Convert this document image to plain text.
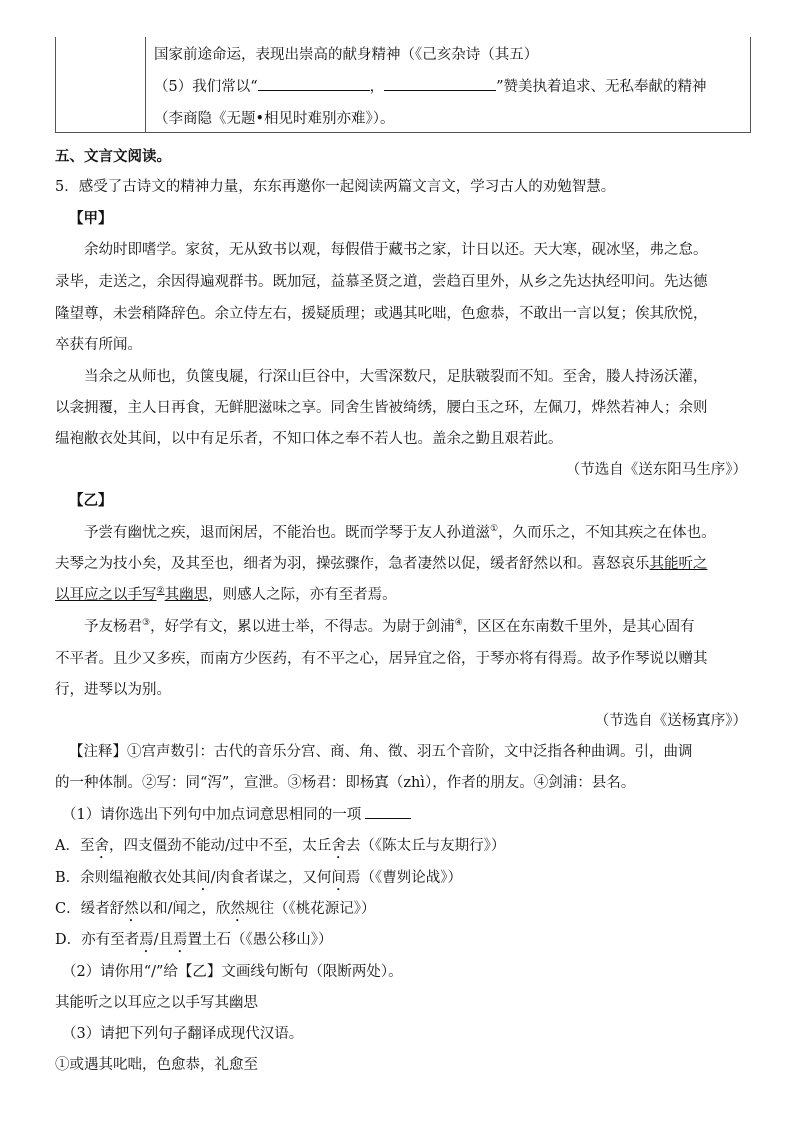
国家前途命运，表现出崇高的献身精神（《己亥杂诗（其五）
（5）我们常以“	，	”赞美执着追求、无私奉献的精神
（李商隐《无题•相见时难别亦难》）。
五、文言文阅读。
5．感受了古诗文的精神力量，东东再邀你一起阅读两篇文言文，学习古人的劝勉智慧。
【甲】
余幼时即嗜学。家贫，无从致书以观，每假借于藏书之家，计日以还。天大寒，砚冰坚，弗之怠。
录毕，走送之，余因得遍观群书。既加冠，益慕圣贤之道，尝趋百里外，从乡之先达执经叩问。先达德
隆望尊，未尝稍降辞色。余立侍左右，援疑质理；或遇其叱咄，色愈恭，不敢出一言以复；俟其欣悦，
卒获有所闻。
当余之从师也，负箧曳屣，行深山巨谷中，大雪深数尺，足肤皲裂而不知。至舍，媵人持汤沃灌，
以衾拥覆，主人日再食，无鲜肥滋味之享。同舍生皆被绮绣，腰白玉之环，左佩刀，烨然若神人；余则
缊袍敝衣处其间，以中有足乐者，不知口体之奉不若人也。盖余之勤且艰若此。
（节选自《送东阳马生序》）
【乙】
予尝有幽忧之疾，退而闲居，不能治也。既而学琴于友人孙道滋①，久而乐之，不知其疾之在体也。
夫琴之为技小矣，及其至也，细者为羽，操弦骤作，急者凄然以促，缓者舒然以和。喜怒哀乐其能听之
以耳应之以手写②其幽思，则感人之际，亦有至者焉。
予友杨君③，好学有文，累以进士举，不得志。为尉于剑浦④，区区在东南数千里外，是其心固有
不平者。且少又多疾，而南方少医药，有不平之心，居异宜之俗，于琴亦将有得焉。故予作琴说以赠其
行，进琴以为别。
（节选自《送杨寘序》）
【注释】①宫声数引：古代的音乐分宫、商、角、徵、羽五个音阶，文中泛指各种曲调。引，曲调
的一种体制。②写：同“泻”，宣泄。③杨君：即杨寘（zhì），作者的朋友。④剑浦：县名。
（1）请你选出下列句中加点词意思相同的一项
A．至舍，四支僵劲不能动/过中不至，太丘舍去（《陈太丘与友期行》）
B．余则缊袍敝衣处其间/肉食者谋之，又何间焉（《曹刿论战》）
C．缓者舒然以和/闻之，欣然规往（《桃花源记》）
D．亦有至者焉/且焉置土石（《愚公移山》）
（2）请你用“/”给【乙】文画线句断句（限断两处）。
其能听之以耳应之以手写其幽思
（3）请把下列句子翻译成现代汉语。
①或遇其叱咄，色愈恭，礼愈至
